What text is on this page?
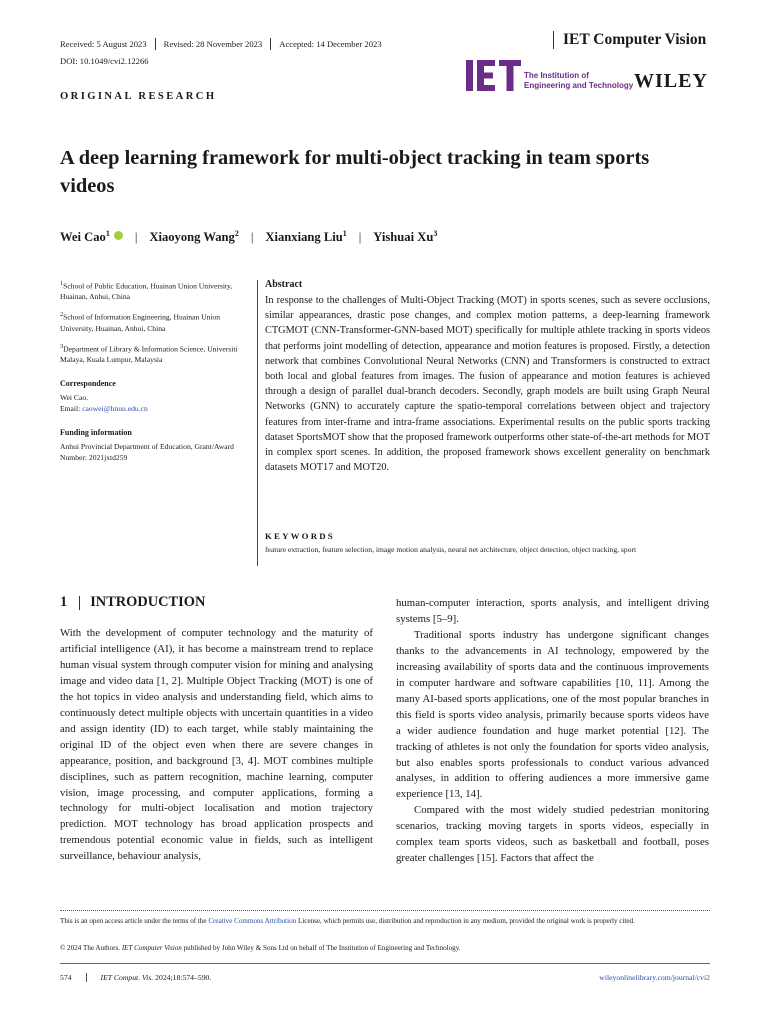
Received: 5 August 2023 Revised: 28 November 2023 Accepted: 14 December 2023	IET Computer Vision
DOI: 10.1049/cvi2.12266
The Institution of
Engineering and Technology WILEY
ORIGINAL RESEARCH
A deep learning framework for multi-object tracking in team sports videos
Wei Cao$^1$ | Xiaoyong Wang$^2$ | Xianxiang Liu$^1$ | Yishuai Xu$^3$
$^1$School of Public Education, Huainan Union University, Huainan, Anhui, China
$^2$School of Information Engineering, Huainan Union University, Huainan, Anhui, China
$^3$Department of Library & Information Science, Universiti Malaya, Kuala Lumpur, Malaysia
Correspondence
Wei Cao.
Email: caowei@hnuu.edu.cn
Funding information
Anhui Provincial Department of Education, Grant/Award Number: 2021jxtd259
Abstract
In response to the challenges of Multi-Object Tracking (MOT) in sports scenes, such as severe occlusions, similar appearances, drastic pose changes, and complex motion patterns, a deep-learning framework CTGMOT (CNN-Transformer-GNN-based MOT) specifically for multiple athlete tracking in sports videos that performs joint modelling of detection, appearance and motion features is proposed. Firstly, a detection network that combines Convolutional Neural Networks (CNN) and Transformers is constructed to extract both local and global features from images. The fusion of appearance and motion features is achieved through a design of parallel dual-branch decoders. Secondly, graph models are built using Graph Neural Networks (GNN) to accurately capture the spatio-temporal correlations between object and trajectory features from inter-frame and intra-frame associations. Experimental results on the public sports tracking dataset SportsMOT show that the proposed framework outperforms other state-of-the-art methods for MOT in complex sport scenes. In addition, the proposed framework shows excellent generality on benchmark datasets MOT17 and MOT20.
KEYWORDS
feature extraction, feature selection, image motion analysis, neural net architecture, object detection, object tracking, sport
1 INTRODUCTION

With the development of computer technology and the maturity of artificial intelligence (AI), it has become a mainstream trend to replace human visual system through computer vision for mining and analysing image and video data [1, 2]. Multiple Object Tracking (MOT) is one of the hot topics in video analysis and understanding field, which aims to continuously detect multiple objects with uncertain quantities in a video and assign identity (ID) to each target, while stably maintaining the original ID of the object even when there are severe changes in appearance, position, and background [3, 4]. MOT combines multiple disciplines, such as pattern recognition, machine learning, computer vision, image processing, and computer applications, forming a technology for multi-object localisation and motion trajectory prediction. MOT technology has broad application prospects and tremendous potential economic value in fields, such as intelligent surveillance, behaviour analysis,

human-computer interaction, sports analysis, and intelligent driving systems [5–9].

Traditional sports industry has undergone significant changes thanks to the advancements in AI technology, empowered by the increasing availability of sports data and the continuous improvements in computer hardware and software capabilities [10, 11]. Among the many AI-based sports applications, one of the most popular branches in this field is sports video analysis, primarily because sports videos have a wider audience foundation and huge market potential [12]. The tracking of athletes is not only the foundation for sports video analysis, but also enables sports professionals to conduct various advanced analyses, in addition to offering audiences a more immersive game experience [13, 14].

Compared with the most widely studied pedestrian monitoring scenarios, tracking moving targets in sports videos, especially in complex team sports videos, such as basketball and football, poses greater challenges [15]. Factors that affect the

This is an open access article under the terms of the Creative Commons Attribution License, which permits use, distribution and reproduction in any medium, provided the original work is properly cited.
© 2024 The Authors. IET Computer Vision published by John Wiley & Sons Ltd on behalf of The Institution of Engineering and Technology.
574	IET Comput. Vis. 2024;18:574–590.	wileyonlinelibrary.com/journal/cvi2
